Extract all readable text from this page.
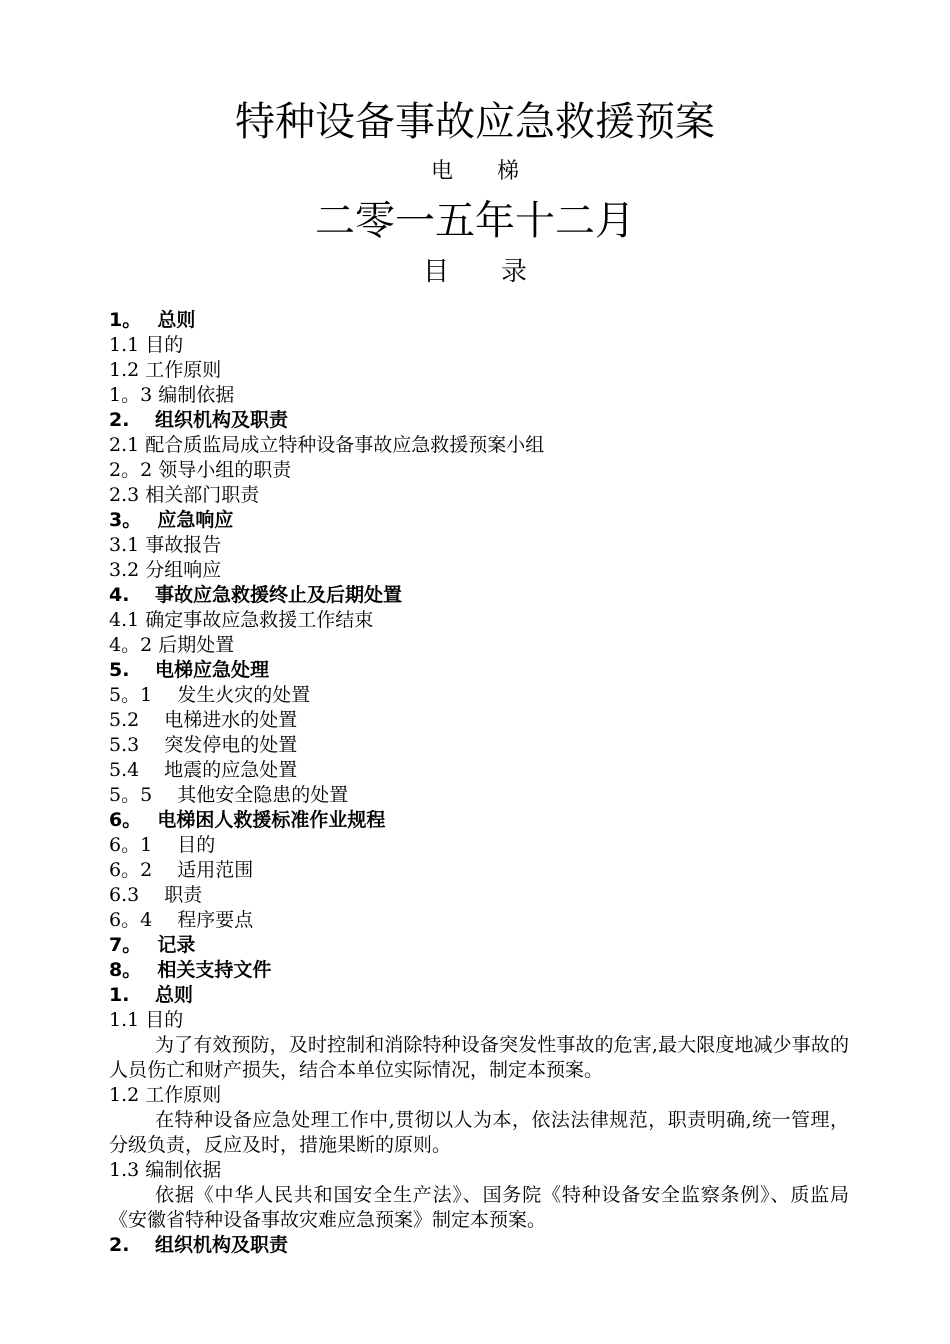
特种设备事故应急救援预案
电　　梯
二零一五年十二月
目　　录
1。　 总则
1.1 目的
1.2 工作原则
1。3 编制依据
2.　 组织机构及职责
2.1 配合质监局成立特种设备事故应急救援预案小组
2。2 领导小组的职责
2.3 相关部门职责
3。　 应急响应
3.1 事故报告
3.2 分组响应
4.　 事故应急救援终止及后期处置
4.1 确定事故应急救援工作结束
4。2 后期处置
5.　 电梯应急处理
5。1　 发生火灾的处置
5.2　 电梯进水的处置
5.3　 突发停电的处置
5.4　 地震的应急处置
5。5　 其他安全隐患的处置
6。　 电梯困人救援标准作业规程
6。1　 目的
6。2　 适用范围
6.3　 职责
6。4　 程序要点
7。　 记录
8。　 相关支持文件
1.　 总则
1.1 目的

为了有效预防，及时控制和消除特种设备突发性事故的危害,最大限度地减少事故的人员伤亡和财产损失，结合本单位实际情况，制定本预案。

1.2 工作原则

在特种设备应急处理工作中,贯彻以人为本，依法法律规范，职责明确,统一管理，分级负责，反应及时，措施果断的原则。

1.3 编制依据

依据《中华人民共和国安全生产法》、国务院《特种设备安全监察条例》、质监局《安徽省特种设备事故灾难应急预案》制定本预案。

2.　 组织机构及职责
